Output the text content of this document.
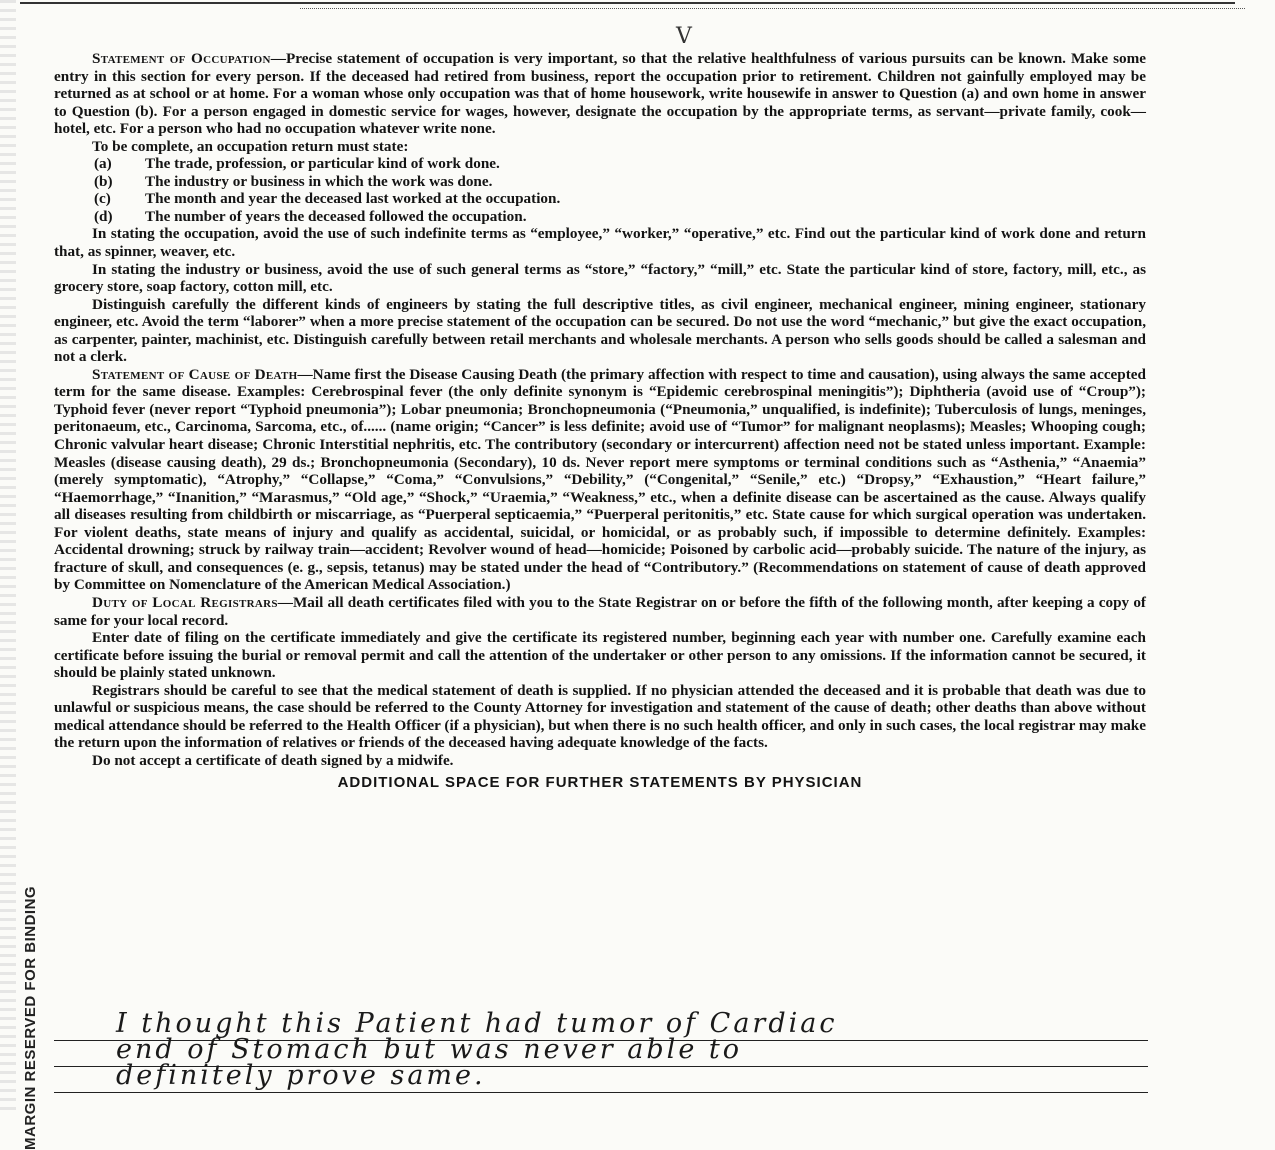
MARGIN RESERVED FOR BINDING
V

Statement of Occupation—Precise statement of occupation is very important, so that the relative healthfulness of various pursuits can be known. Make some entry in this section for every person. If the deceased had retired from business, report the occupation prior to retirement. Children not gainfully employed may be returned as at school or at home. For a woman whose only occupation was that of home housework, write housewife in answer to Question (a) and own home in answer to Question (b). For a person engaged in domestic service for wages, however, designate the occupation by the appropriate terms, as servant—private family, cook—hotel, etc. For a person who had no occupation whatever write none.

To be complete, an occupation return must state:

(a)	The trade, profession, or particular kind of work done.
(b)	The industry or business in which the work was done.
(c)	The month and year the deceased last worked at the occupation.
(d)	The number of years the deceased followed the occupation.

In stating the occupation, avoid the use of such indefinite terms as “employee,” “worker,” “operative,” etc. Find out the particular kind of work done and return that, as spinner, weaver, etc.

In stating the industry or business, avoid the use of such general terms as “store,” “factory,” “mill,” etc. State the particular kind of store, factory, mill, etc., as grocery store, soap factory, cotton mill, etc.

Distinguish carefully the different kinds of engineers by stating the full descriptive titles, as civil engineer, mechanical engineer, mining engineer, stationary engineer, etc. Avoid the term “laborer” when a more precise statement of the occupation can be secured. Do not use the word “mechanic,” but give the exact occupation, as carpenter, painter, machinist, etc. Distinguish carefully between retail merchants and wholesale merchants. A person who sells goods should be called a salesman and not a clerk.

Statement of Cause of Death—Name first the Disease Causing Death (the primary affection with respect to time and causation), using always the same accepted term for the same disease. Examples: Cerebrospinal fever (the only definite synonym is “Epidemic cerebrospinal meningitis”); Diphtheria (avoid use of “Croup”); Typhoid fever (never report “Typhoid pneumonia”); Lobar pneumonia; Bronchopneumonia (“Pneumonia,” unqualified, is indefinite); Tuberculosis of lungs, meninges, peritonaeum, etc., Carcinoma, Sarcoma, etc., of...... (name origin; “Cancer” is less definite; avoid use of “Tumor” for malignant neoplasms); Measles; Whooping cough; Chronic valvular heart disease; Chronic Interstitial nephritis, etc. The contributory (secondary or intercurrent) affection need not be stated unless important. Example: Measles (disease causing death), 29 ds.; Bronchopneumonia (Secondary), 10 ds. Never report mere symptoms or terminal conditions such as “Asthenia,” “Anaemia” (merely symptomatic), “Atrophy,” “Collapse,” “Coma,” “Convulsions,” “Debility,” (“Congenital,” “Senile,” etc.) “Dropsy,” “Exhaustion,” “Heart failure,” “Haemorrhage,” “Inanition,” “Marasmus,” “Old age,” “Shock,” “Uraemia,” “Weakness,” etc., when a definite disease can be ascertained as the cause. Always qualify all diseases resulting from childbirth or miscarriage, as “Puerperal septicaemia,” “Puerperal peritonitis,” etc. State cause for which surgical operation was undertaken. For violent deaths, state means of injury and qualify as accidental, suicidal, or homicidal, or as probably such, if impossible to determine definitely. Examples: Accidental drowning; struck by railway train—accident; Revolver wound of head—homicide; Poisoned by carbolic acid—probably suicide. The nature of the injury, as fracture of skull, and consequences (e. g., sepsis, tetanus) may be stated under the head of “Contributory.” (Recommendations on statement of cause of death approved by Committee on Nomenclature of the American Medical Association.)

Duty of Local Registrars—Mail all death certificates filed with you to the State Registrar on or before the fifth of the following month, after keeping a copy of same for your local record.

Enter date of filing on the certificate immediately and give the certificate its registered number, beginning each year with number one. Carefully examine each certificate before issuing the burial or removal permit and call the attention of the undertaker or other person to any omissions. If the information cannot be secured, it should be plainly stated unknown.

Registrars should be careful to see that the medical statement of death is supplied. If no physician attended the deceased and it is probable that death was due to unlawful or suspicious means, the case should be referred to the County Attorney for investigation and statement of the cause of death; other deaths than above without medical attendance should be referred to the Health Officer (if a physician), but when there is no such health officer, and only in such cases, the local registrar may make the return upon the information of relatives or friends of the deceased having adequate knowledge of the facts.

Do not accept a certificate of death signed by a midwife.

ADDITIONAL SPACE FOR FURTHER STATEMENTS BY PHYSICIAN
I thought this Patient had tumor of Cardiac
end of Stomach but was never able to
definitely prove same.
